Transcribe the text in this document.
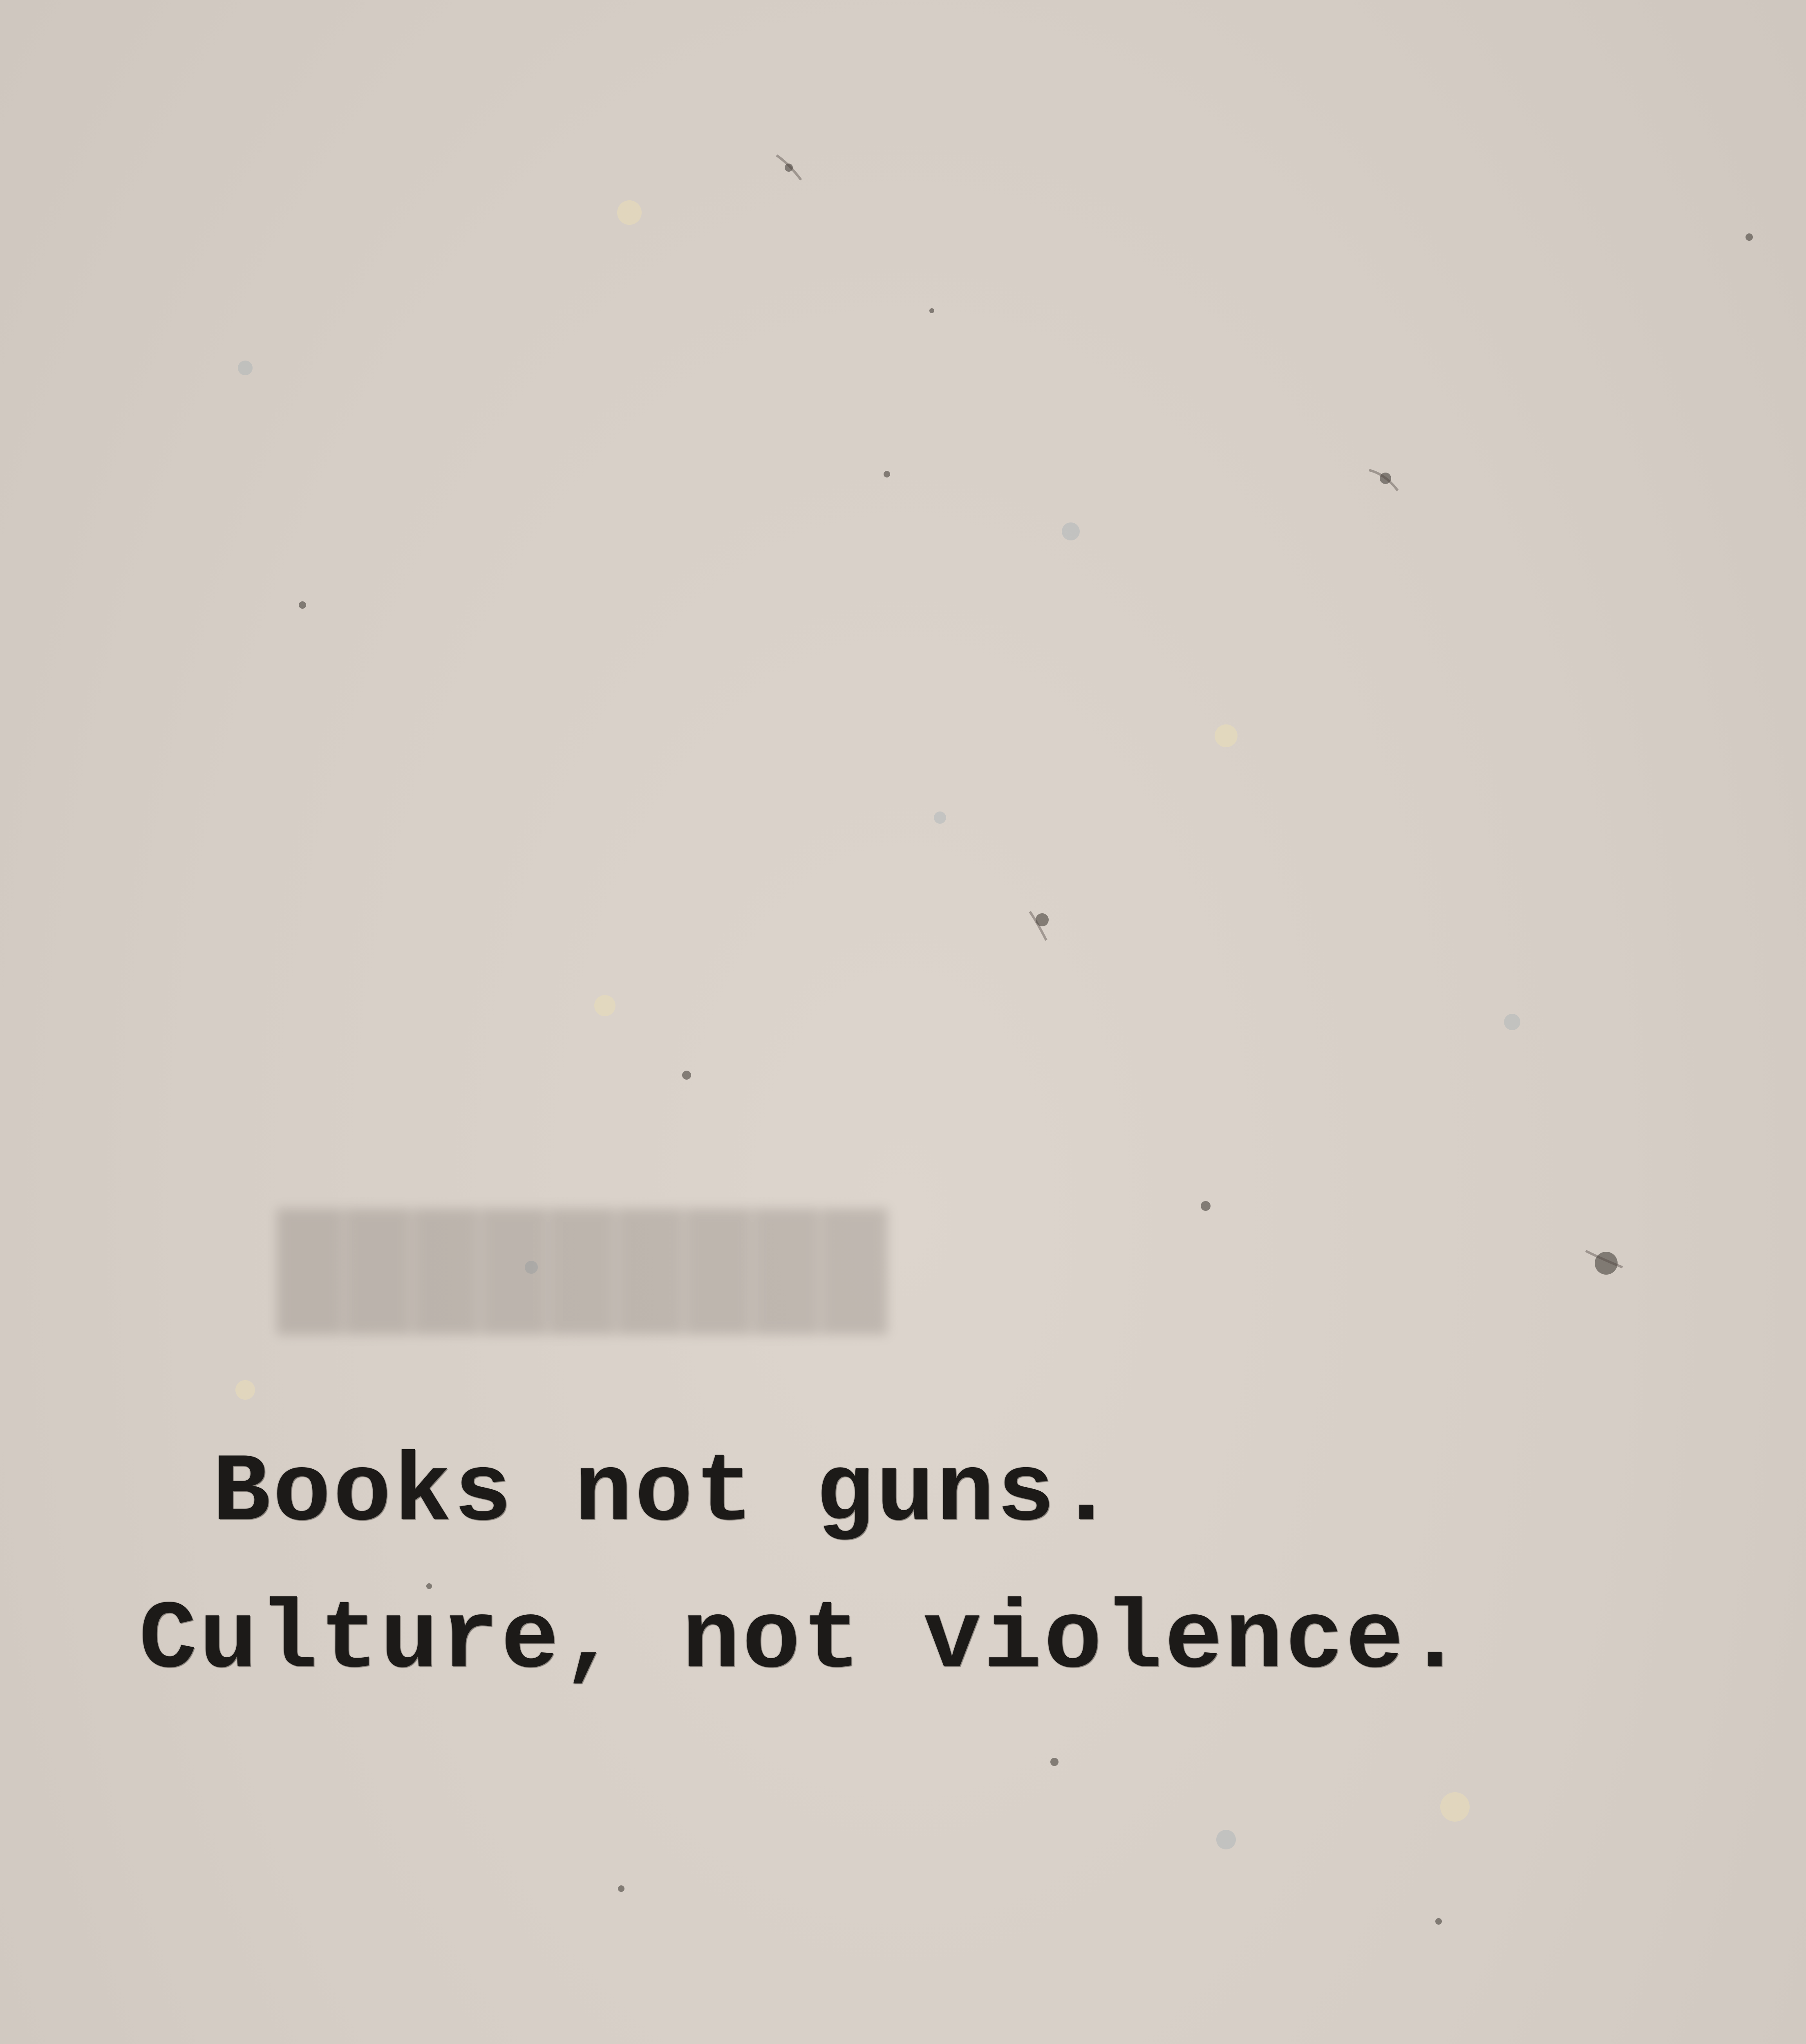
█████████
Books not guns.
Culture, not violence.
